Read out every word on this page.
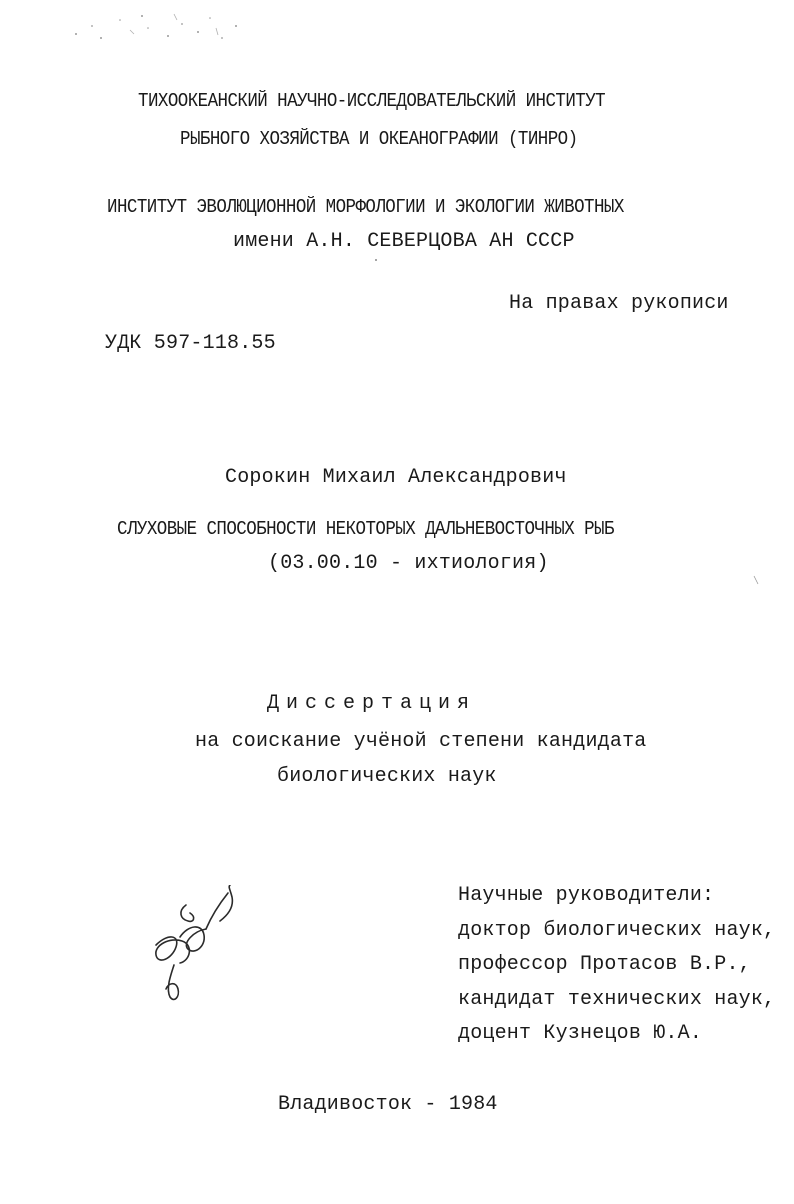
ТИХООКЕАНСКИЙ НАУЧНО-ИССЛЕДОВАТЕЛЬСКИЙ ИНСТИТУТ
РЫБНОГО ХОЗЯЙСТВА И ОКЕАНОГРАФИИ (ТИНРО)
ИНСТИТУТ ЭВОЛЮЦИОННОЙ МОРФОЛОГИИ И ЭКОЛОГИИ ЖИВОТНЫХ
имени А.Н. СЕВЕРЦОВА АН СССР
На правах рукописи
УДК 597-118.55
Сорокин Михаил Александрович
СЛУХОВЫЕ СПОСОБНОСТИ НЕКОТОРЫХ ДАЛЬНЕВОСТОЧНЫХ РЫБ
(03.00.10 - ихтиология)
Диссертация
на соискание учёной степени кандидата
биологических наук
Научные руководители:
доктор биологических наук,
профессор Протасов В.Р.,
кандидат технических наук,
доцент Кузнецов Ю.А.
Владивосток - 1984
